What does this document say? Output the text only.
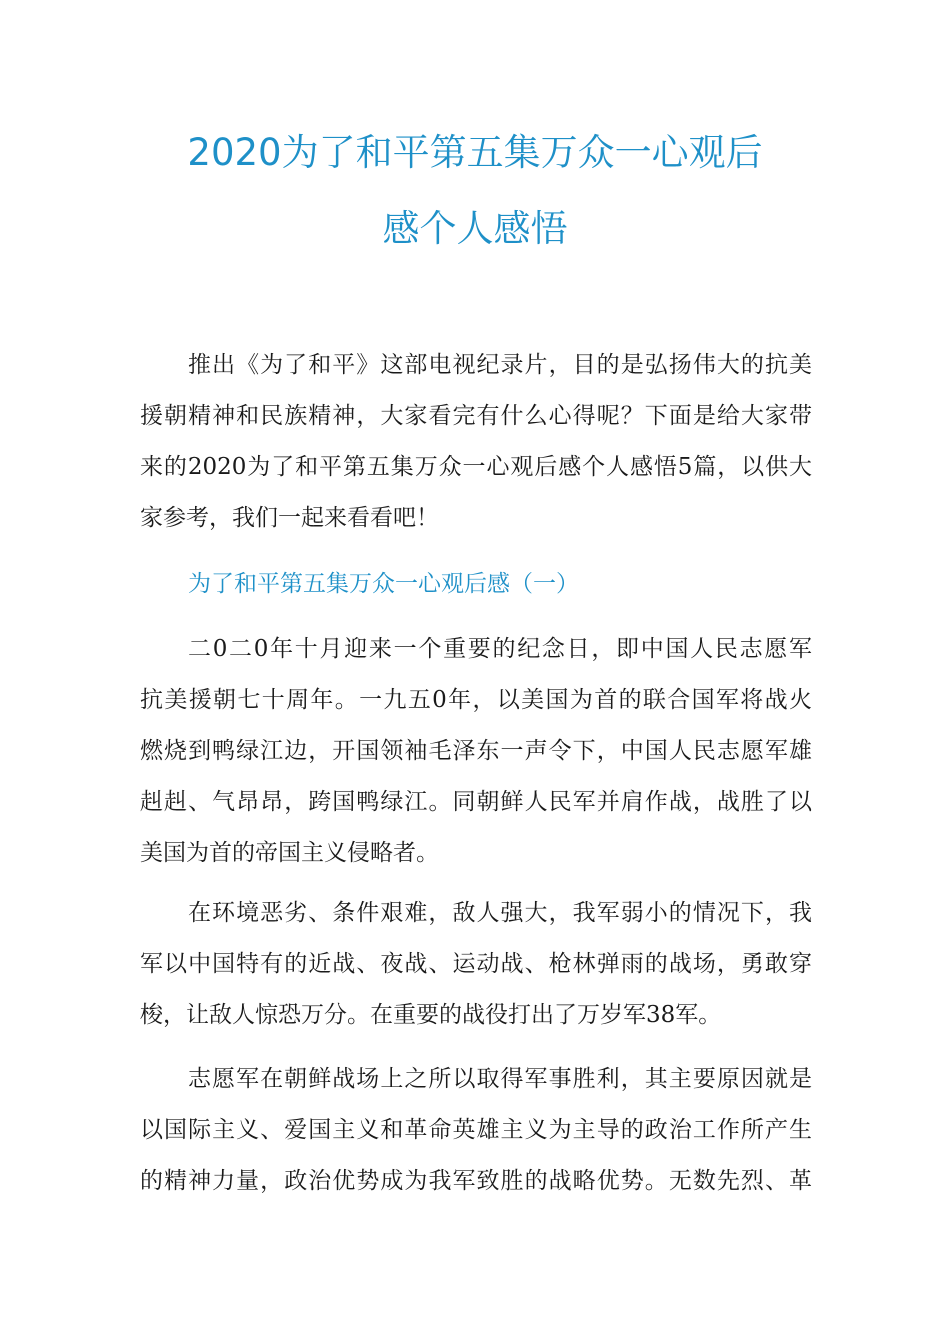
2020为了和平第五集万众一心观后
感个人感悟
推出《为了和平》这部电视纪录片，目的是弘扬伟大的抗美
援朝精神和民族精神，大家看完有什么心得呢？下面是给大家带
来的2020为了和平第五集万众一心观后感个人感悟5篇，以供大
家参考，我们一起来看看吧！
为了和平第五集万众一心观后感（一）
二0二0年十月迎来一个重要的纪念日，即中国人民志愿军
抗美援朝七十周年。一九五0年，以美国为首的联合国军将战火
燃烧到鸭绿江边，开国领袖毛泽东一声令下，中国人民志愿军雄
赳赳、气昂昂，跨国鸭绿江。同朝鲜人民军并肩作战，战胜了以
美国为首的帝国主义侵略者。
在环境恶劣、条件艰难，敌人强大，我军弱小的情况下，我
军以中国特有的近战、夜战、运动战、枪林弹雨的战场，勇敢穿
梭，让敌人惊恐万分。在重要的战役打出了万岁军38军。
志愿军在朝鲜战场上之所以取得军事胜利，其主要原因就是
以国际主义、爱国主义和革命英雄主义为主导的政治工作所产生
的精神力量，政治优势成为我军致胜的战略优势。无数先烈、革
